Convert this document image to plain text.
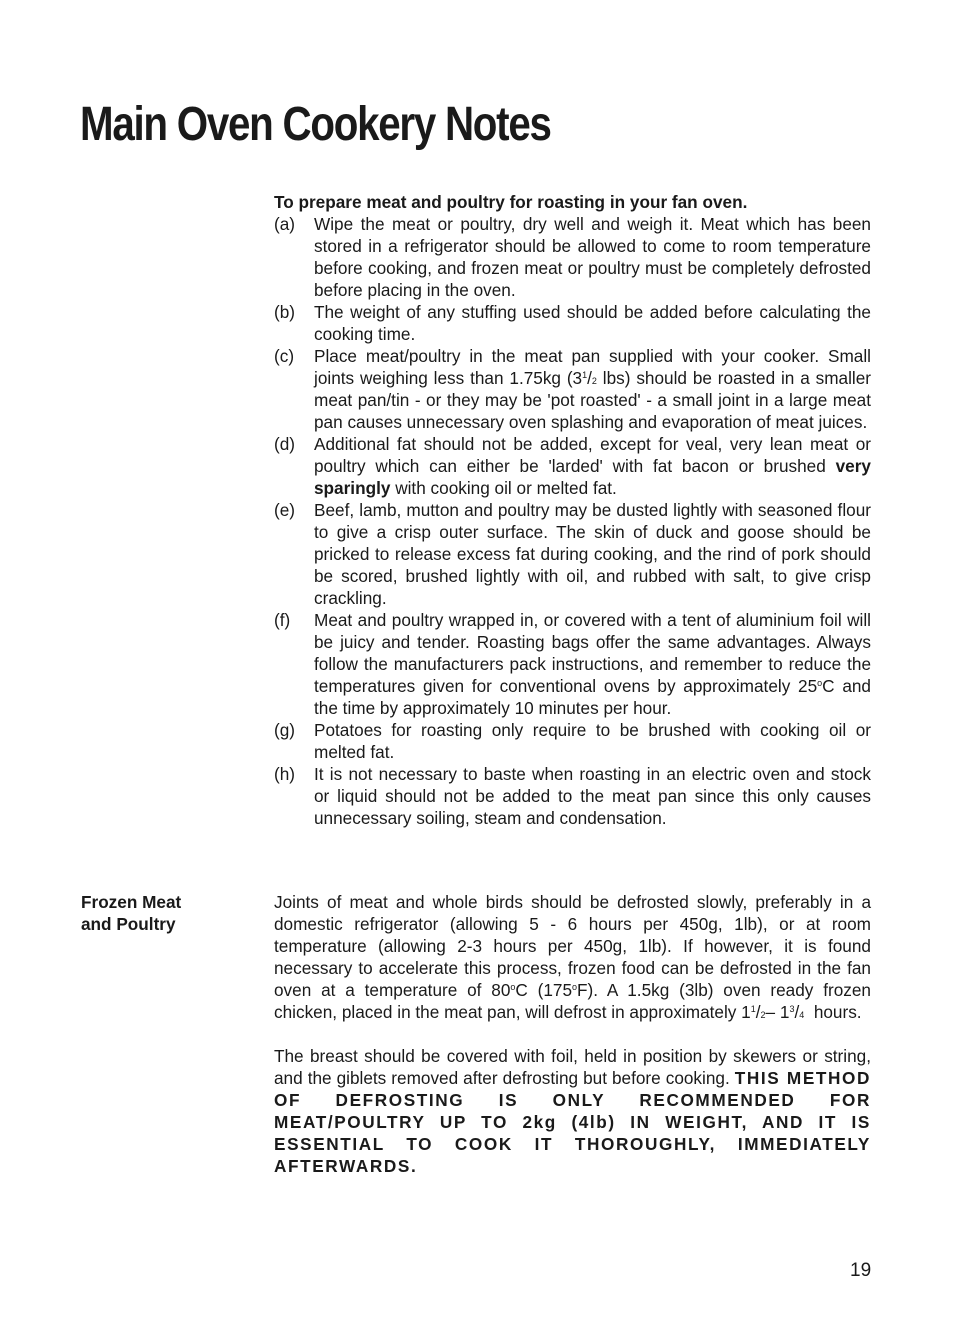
Main Oven Cookery Notes

To prepare meat and poultry for roasting in your fan oven.

(a) Wipe the meat or poultry, dry well and weigh it. Meat which has been stored in a refrigerator should be allowed to come to room temperature before cooking, and frozen meat or poultry must be completely defrosted before placing in the oven.
(b) The weight of any stuffing used should be added before calculating the cooking time.
(c) Place meat/poultry in the meat pan supplied with your cooker. Small joints weighing less than 1.75kg ($3^1/2$ lbs) should be roasted in a smaller meat pan/tin - or they may be 'pot roasted' - a small joint in a large meat pan causes unnecessary oven splashing and evaporation of meat juices.
(d) Additional fat should not be added, except for veal, very lean meat or poultry which can either be 'larded' with fat bacon or brushed very sparingly with cooking oil or melted fat.
(e) Beef, lamb, mutton and poultry may be dusted lightly with seasoned flour to give a crisp outer surface. The skin of duck and goose should be pricked to release excess fat during cooking, and the rind of pork should be scored, brushed lightly with oil, and rubbed with salt, to give crisp crackling.
(f) Meat and poultry wrapped in, or covered with a tent of aluminium foil will be juicy and tender. Roasting bags offer the same advantages. Always follow the manufacturers pack instructions, and remember to reduce the temperatures given for conventional ovens by approximately 25$^o$C and the time by approximately 10 minutes per hour.
(g) Potatoes for roasting only require to be brushed with cooking oil or melted fat.
(h) It is not necessary to baste when roasting in an electric oven and stock or liquid should not be added to the meat pan since this only causes unnecessary soiling, steam and condensation.

Frozen Meat
and Poultry

Joints of meat and whole birds should be defrosted slowly, preferably in a domestic refrigerator (allowing 5 - 6 hours per 450g, 1lb), or at room temperature (allowing 2-3 hours per 450g, 1lb). If however, it is found necessary to accelerate this process, frozen food can be defrosted in the fan oven at a temperature of 80$^o$C (175$^o$F). A 1.5kg (3lb) oven ready frozen chicken, placed in the meat pan, will defrost in approximately $1^1/2-$ $1^3/4$  hours.

The breast should be covered with foil, held in position by skewers or string, and the giblets removed after defrosting but before cooking. THIS METHOD OF DEFROSTING IS ONLY RECOMMENDED FOR MEAT/POULTRY UP TO 2kg (4lb) IN WEIGHT, AND IT IS ESSENTIAL TO COOK IT THOROUGHLY, IMMEDIATELY AFTERWARDS.

19
